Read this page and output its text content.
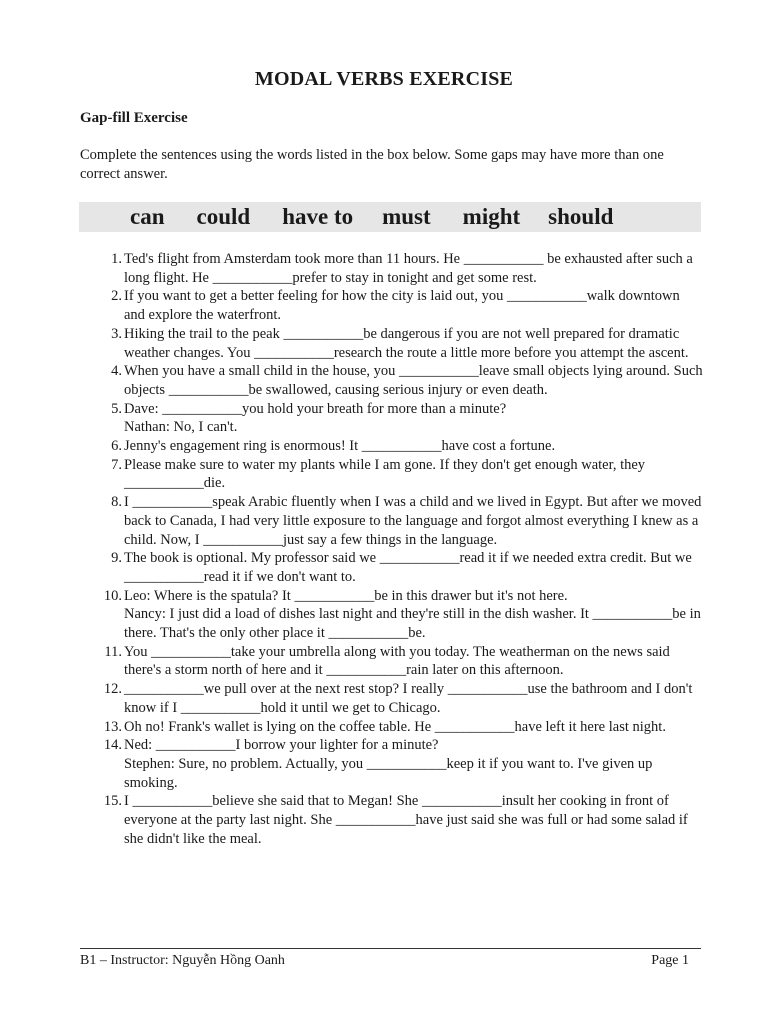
MODAL VERBS EXERCISE
Gap-fill Exercise
Complete the sentences using the words listed in the box below. Some gaps may have more than one correct answer.
can could have to must might should
1. Ted's flight from Amsterdam took more than 11 hours. He ___________ be exhausted after such a long flight. He ___________prefer to stay in tonight and get some rest.
2. If you want to get a better feeling for how the city is laid out, you ___________walk downtown and explore the waterfront.
3. Hiking the trail to the peak ___________be dangerous if you are not well prepared for dramatic weather changes. You ___________research the route a little more before you attempt the ascent.
4. When you have a small child in the house, you ___________leave small objects lying around. Such objects ___________be swallowed, causing serious injury or even death.
5. Dave: ___________you hold your breath for more than a minute?
Nathan: No, I can't.
6. Jenny's engagement ring is enormous! It ___________have cost a fortune.
7. Please make sure to water my plants while I am gone. If they don't get enough water, they ___________die.
8. I ___________speak Arabic fluently when I was a child and we lived in Egypt. But after we moved back to Canada, I had very little exposure to the language and forgot almost everything I knew as a child. Now, I ___________just say a few things in the language.
9. The book is optional. My professor said we ___________read it if we needed extra credit. But we ___________read it if we don't want to.
10. Leo: Where is the spatula? It ___________be in this drawer but it's not here.
Nancy: I just did a load of dishes last night and they're still in the dish washer. It ___________be in there. That's the only other place it ___________be.
11. You ___________take your umbrella along with you today. The weatherman on the news said there's a storm north of here and it ___________rain later on this afternoon.
12. ___________we pull over at the next rest stop? I really ___________use the bathroom and I don't know if I ___________hold it until we get to Chicago.
13. Oh no! Frank's wallet is lying on the coffee table. He ___________have left it here last night.
14. Ned: ___________I borrow your lighter for a minute?
Stephen: Sure, no problem. Actually, you ___________keep it if you want to. I've given up smoking.
15. I ___________believe she said that to Megan! She ___________insult her cooking in front of everyone at the party last night. She ___________have just said she was full or had some salad if she didn't like the meal.
B1 – Instructor: Nguyễn Hồng Oanh	Page 1
